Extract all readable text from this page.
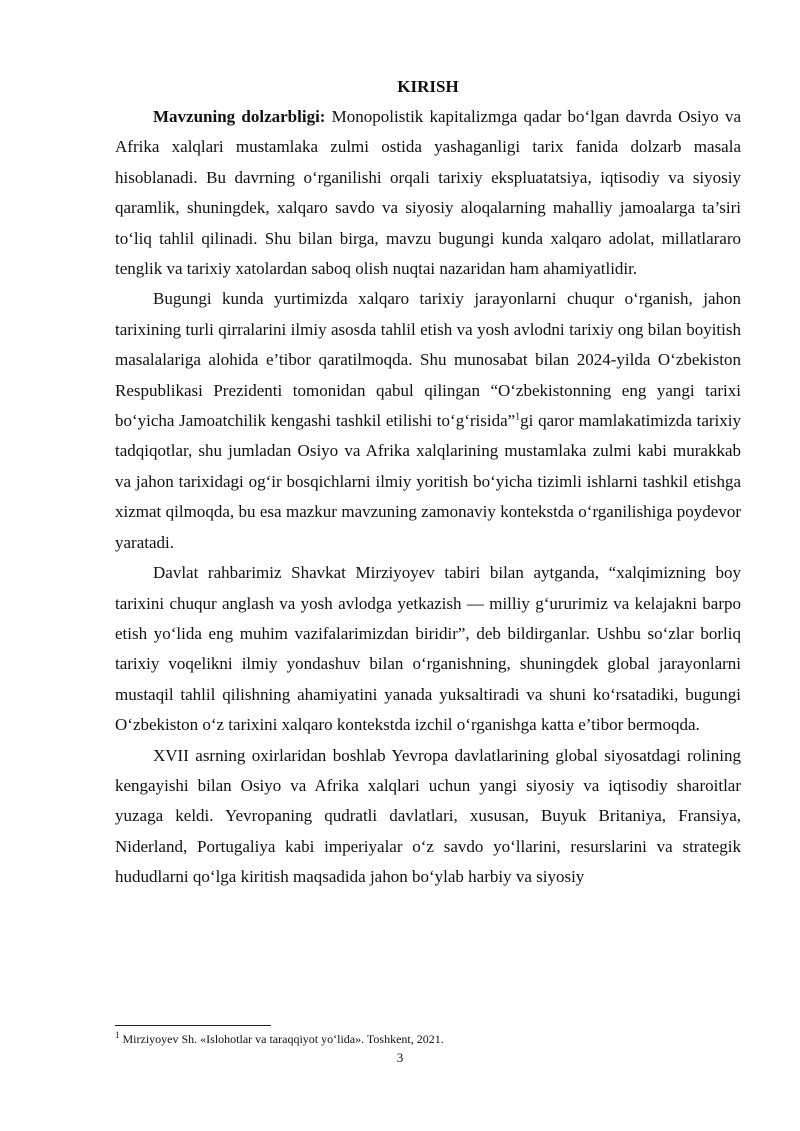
KIRISH

Mavzuning dolzarbligi: Monopolistik kapitalizmga qadar bo‘lgan davrda Osiyo va Afrika xalqlari mustamlaka zulmi ostida yashaganligi tarix fanida dolzarb masala hisoblanadi. Bu davrning o‘rganilishi orqali tarixiy ekspluatatsiya, iqtisodiy va siyosiy qaramlik, shuningdek, xalqaro savdo va siyosiy aloqalarning mahalliy jamoalarga ta’siri to‘liq tahlil qilinadi. Shu bilan birga, mavzu bugungi kunda xalqaro adolat, millatlararo tenglik va tarixiy xatolardan saboq olish nuqtai nazaridan ham ahamiyatlidir.

Bugungi kunda yurtimizda xalqaro tarixiy jarayonlarni chuqur o‘rganish, jahon tarixining turli qirralarini ilmiy asosda tahlil etish va yosh avlodni tarixiy ong bilan boyitish masalalariga alohida e’tibor qaratilmoqda. Shu munosabat bilan 2024-yilda O‘zbekiston Respublikasi Prezidenti tomonidan qabul qilingan “O‘zbekistonning eng yangi tarixi bo‘yicha Jamoatchilik kengashi tashkil etilishi to‘g‘risida”$^1$gi qaror mamlakatimizda tarixiy tadqiqotlar, shu jumladan Osiyo va Afrika xalqlarining mustamlaka zulmi kabi murakkab va jahon tarixidagi og‘ir bosqichlarni ilmiy yoritish bo‘yicha tizimli ishlarni tashkil etishga xizmat qilmoqda, bu esa mazkur mavzuning zamonaviy kontekstda o‘rganilishiga poydevor yaratadi.

Davlat rahbarimiz Shavkat Mirziyoyev tabiri bilan aytganda, “xalqimizning boy tarixini chuqur anglash va yosh avlodga yetkazish — milliy g‘ururimiz va kelajakni barpo etish yo‘lida eng muhim vazifalarimizdan biridir”, deb bildirganlar. Ushbu so‘zlar borliq tarixiy voqelikni ilmiy yondashuv bilan o‘rganishning, shuningdek global jarayonlarni mustaqil tahlil qilishning ahamiyatini yanada yuksaltiradi va shuni ko‘rsatadiki, bugungi O‘zbekiston o‘z tarixini xalqaro kontekstda izchil o‘rganishga katta e’tibor bermoqda.

XVII asrning oxirlaridan boshlab Yevropa davlatlarining global siyosatdagi rolining kengayishi bilan Osiyo va Afrika xalqlari uchun yangi siyosiy va iqtisodiy sharoitlar yuzaga keldi. Yevropaning qudratli davlatlari, xususan, Buyuk Britaniya, Fransiya, Niderland, Portugaliya kabi imperiyalar o‘z savdo yo‘llarini, resurslarini va strategik hududlarni qo‘lga kiritish maqsadida jahon bo‘ylab harbiy va siyosiy

$^1$ Mirziyoyev Sh. «Islohotlar va taraqqiyot yo‘lida». Toshkent, 2021.
3
